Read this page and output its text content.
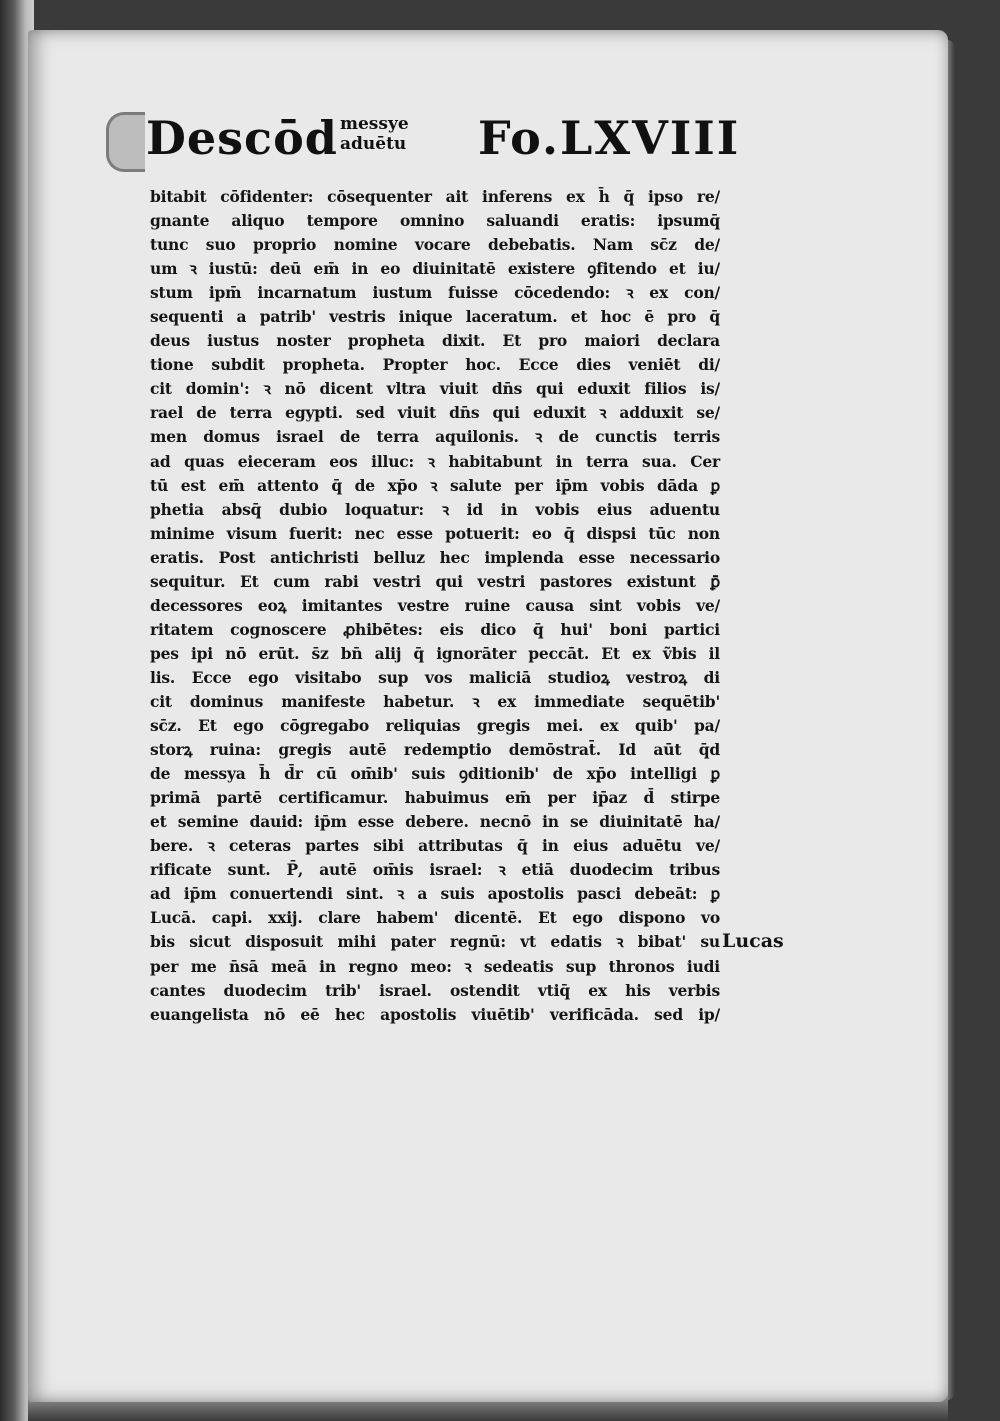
Descōd messye
aduētu Fo.LXVIII
bitabit cōfidenter: cōsequenter ait inferens ex h̄ q̄ ipso re/
gnante aliquo tempore omnino saluandi eratis: ipsumq̄
tunc suo proprio nomine vocare debebatis. Nam sc̄z de/
um ꝛ iustū: deū em̄ in eo diuinitatē existere ꝯfitendo et iu/
stum ipm̄ incarnatum iustum fuisse cōcedendo: ꝛ ex con/
sequenti a patrib' vestris inique laceratum. et hoc ē pro q̄
deus iustus noster propheta dixit. Et pro maiori declara
tione subdit propheta. Propter hoc. Ecce dies veniēt di/
cit domin': ꝛ nō dicent vltra viuit dn̄s qui eduxit filios is/
rael de terra egypti. sed viuit dn̄s qui eduxit ꝛ adduxit se/
men domus israel de terra aquilonis. ꝛ de cunctis terris
ad quas eieceram eos illuc: ꝛ habitabunt in terra sua. Cer
tū est em̄ attento q̄ de xp̄o ꝛ salute per ip̄m vobis dāda ꝑ
phetia absq̄ dubio loquatur: ꝛ id in vobis eius aduentu
minime visum fuerit: nec esse potuerit: eo q̄ dispsi tūc non
eratis. Post antichristi belluz hec implenda esse necessario
sequitur. Et cum rabi vestri qui vestri pastores existunt ꝑ̄
decessores eoꝝ imitantes vestre ruine causa sint vobis ve/
ritatem cognoscere ꝓhibētes: eis dico q̄ hui' boni partici
pes ipi nō erūt. s̄z bn̄ alij q̄ ignorāter peccāt. Et ex ṽbis il
lis. Ecce ego visitabo sup vos maliciā studioꝝ vestroꝝ di
cit dominus manifeste habetur. ꝛ ex immediate sequētib'
sc̄z. Et ego cōgregabo reliquias gregis mei. ex quib' pa/
storꝝ ruina: gregis autē redemptio demōstrat̄. Id aūt q̄d
de messya h̄ d̄r cū om̄ib' suis ꝯditionib' de xp̄o intelligi ꝑ
primā partē certificamur. habuimus em̄ per ip̄az d̄ stirpe
et semine dauid: ip̄m esse debere. necnō in se diuinitatē ha/
bere. ꝛ ceteras partes sibi attributas q̄ in eius aduētu ve/
rificate sunt. P̄, autē om̄is israel: ꝛ etiā duodecim tribus
ad ip̄m conuertendi sint. ꝛ a suis apostolis pasci debeāt: ꝑ
Lucā. capi. xxij. clare habem' dicentē. Et ego dispono vo
bis sicut disposuit mihi pater regnū: vt edatis ꝛ bibat' su
per me n̄sā meā in regno meo: ꝛ sedeatis sup thronos iudi
cantes duodecim trib' israel. ostendit vtiq̄ ex his verbis
euangelista nō eē hec apostolis viuētib' verificāda. sed ip/
Lucas
